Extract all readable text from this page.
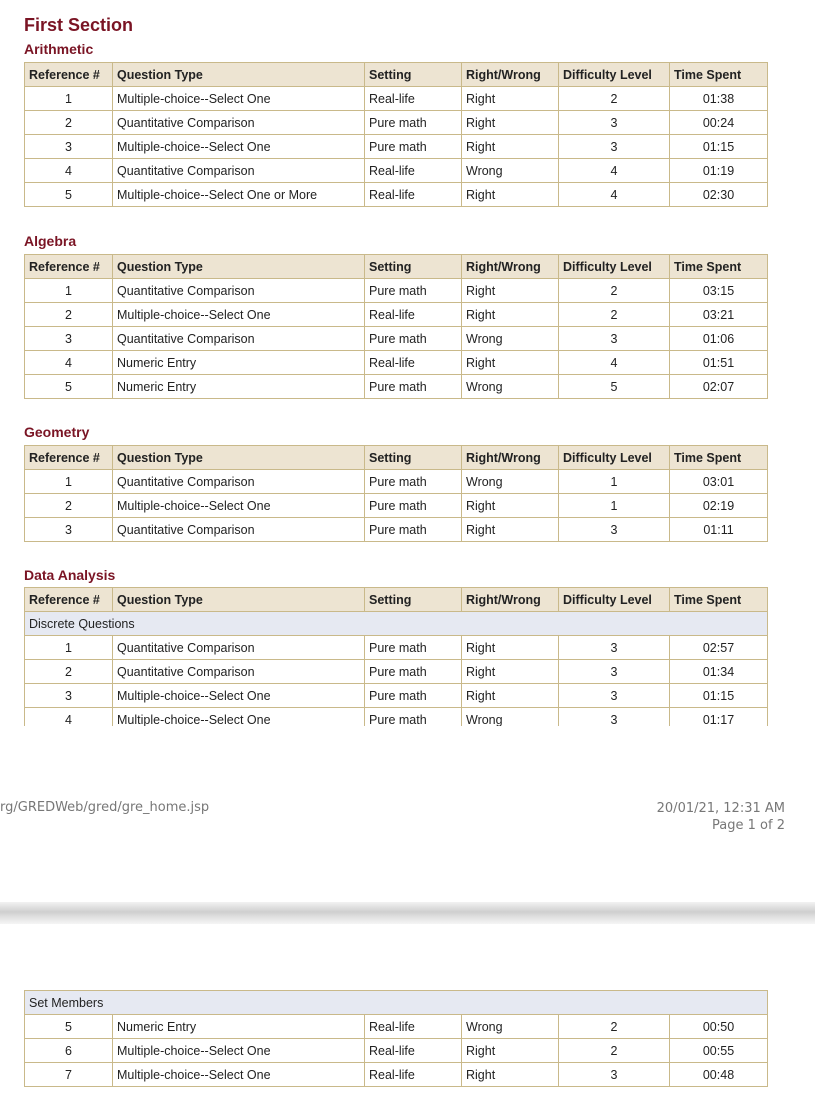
First Section
Arithmetic
Reference #	Question Type	Setting	Right/Wrong	Difficulty Level	Time Spent
1	Multiple-choice--Select One	Real-life	Right	2	01:38
2	Quantitative Comparison	Pure math	Right	3	00:24
3	Multiple-choice--Select One	Pure math	Right	3	01:15
4	Quantitative Comparison	Real-life	Wrong	4	01:19
5	Multiple-choice--Select One or More	Real-life	Right	4	02:30
Algebra
Reference #	Question Type	Setting	Right/Wrong	Difficulty Level	Time Spent
1	Quantitative Comparison	Pure math	Right	2	03:15
2	Multiple-choice--Select One	Real-life	Right	2	03:21
3	Quantitative Comparison	Pure math	Wrong	3	01:06
4	Numeric Entry	Real-life	Right	4	01:51
5	Numeric Entry	Pure math	Wrong	5	02:07
Geometry
Reference #	Question Type	Setting	Right/Wrong	Difficulty Level	Time Spent
1	Quantitative Comparison	Pure math	Wrong	1	03:01
2	Multiple-choice--Select One	Pure math	Right	1	02:19
3	Quantitative Comparison	Pure math	Right	3	01:11
Data Analysis
Reference #	Question Type	Setting	Right/Wrong	Difficulty Level	Time Spent
Discrete Questions					
1	Quantitative Comparison	Pure math	Right	3	02:57
2	Quantitative Comparison	Pure math	Right	3	01:34
3	Multiple-choice--Select One	Pure math	Right	3	01:15
4	Multiple-choice--Select One	Pure math	Wrong	3	01:17
rg/GREDWeb/gred/gre_home.jsp	20/01/21, 12:31 AM
Page 1 of 2
Set Members					
5	Numeric Entry	Real-life	Wrong	2	00:50
6	Multiple-choice--Select One	Real-life	Right	2	00:55
7	Multiple-choice--Select One	Real-life	Right	3	00:48
